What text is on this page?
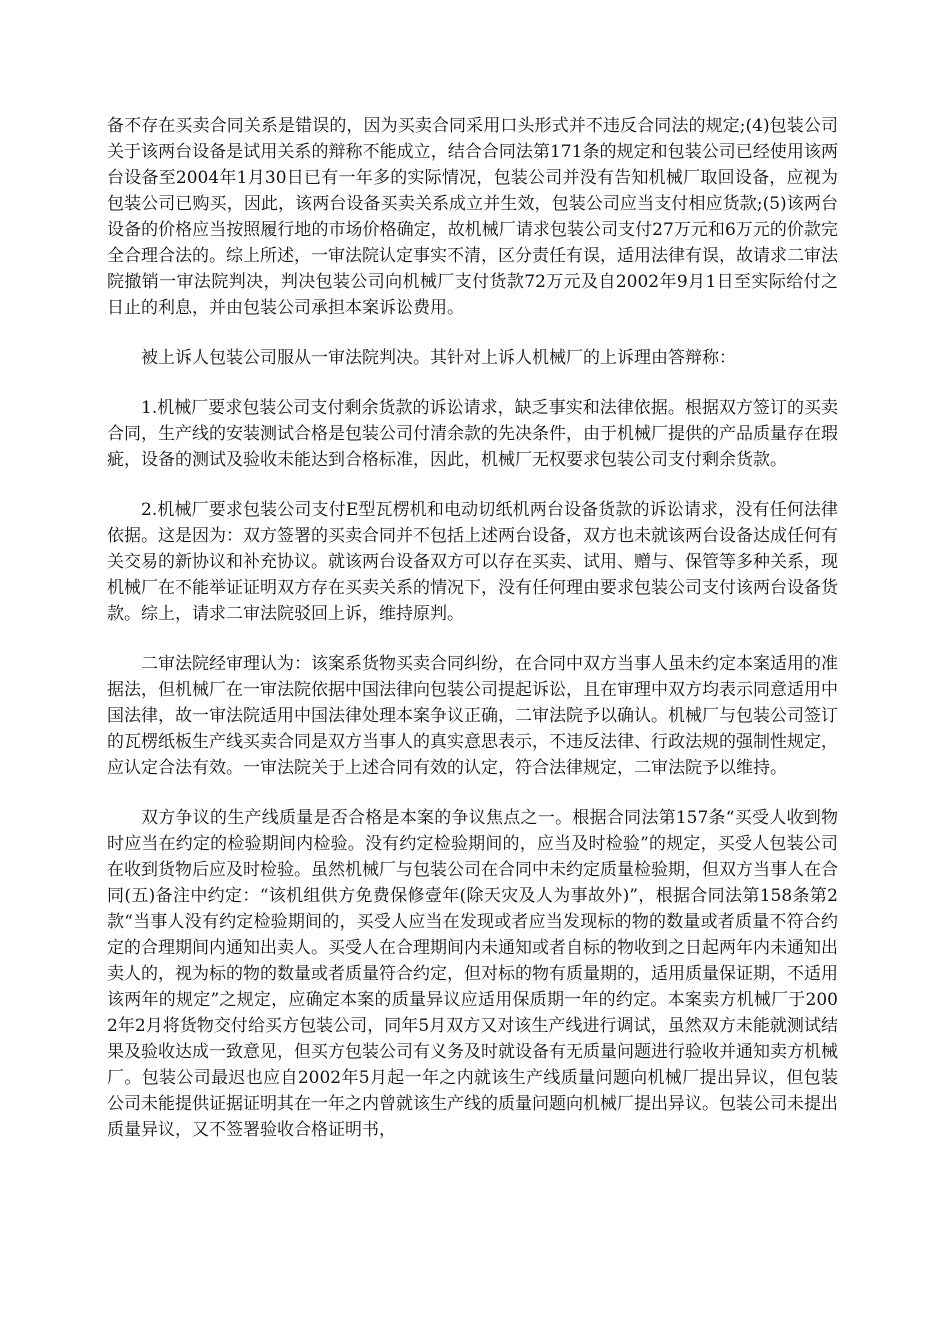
备不存在买卖合同关系是错误的，因为买卖合同采用口头形式并不违反合同法的规定;(4)包装公司关于该两台设备是试用关系的辩称不能成立，结合合同法第171条的规定和包装公司已经使用该两台设备至2004年1月30日已有一年多的实际情况，包装公司并没有告知机械厂取回设备，应视为包装公司已购买，因此，该两台设备买卖关系成立并生效，包装公司应当支付相应货款;(5)该两台设备的价格应当按照履行地的市场价格确定，故机械厂请求包装公司支付27万元和6万元的价款完全合理合法的。综上所述，一审法院认定事实不清，区分责任有误，适用法律有误，故请求二审法院撤销一审法院判决，判决包装公司向机械厂支付货款72万元及自2002年9月1日至实际给付之日止的利息，并由包装公司承担本案诉讼费用。

被上诉人包装公司服从一审法院判决。其针对上诉人机械厂的上诉理由答辩称：

1.机械厂要求包装公司支付剩余货款的诉讼请求，缺乏事实和法律依据。根据双方签订的买卖合同，生产线的安装测试合格是包装公司付清余款的先决条件，由于机械厂提供的产品质量存在瑕疵，设备的测试及验收未能达到合格标准，因此，机械厂无权要求包装公司支付剩余货款。

2.机械厂要求包装公司支付E型瓦楞机和电动切纸机两台设备货款的诉讼请求，没有任何法律依据。这是因为：双方签署的买卖合同并不包括上述两台设备，双方也未就该两台设备达成任何有关交易的新协议和补充协议。就该两台设备双方可以存在买卖、试用、赠与、保管等多种关系，现机械厂在不能举证证明双方存在买卖关系的情况下，没有任何理由要求包装公司支付该两台设备货款。综上，请求二审法院驳回上诉，维持原判。

二审法院经审理认为：该案系货物买卖合同纠纷，在合同中双方当事人虽未约定本案适用的准据法，但机械厂在一审法院依据中国法律向包装公司提起诉讼，且在审理中双方均表示同意适用中国法律，故一审法院适用中国法律处理本案争议正确，二审法院予以确认。机械厂与包装公司签订的瓦楞纸板生产线买卖合同是双方当事人的真实意思表示，不违反法律、行政法规的强制性规定，应认定合法有效。一审法院关于上述合同有效的认定，符合法律规定，二审法院予以维持。

双方争议的生产线质量是否合格是本案的争议焦点之一。根据合同法第157条“买受人收到物时应当在约定的检验期间内检验。没有约定检验期间的，应当及时检验”的规定，买受人包装公司在收到货物后应及时检验。虽然机械厂与包装公司在合同中未约定质量检验期，但双方当事人在合同(五)备注中约定：“该机组供方免费保修壹年(除天灾及人为事故外)”，根据合同法第158条第2款“当事人没有约定检验期间的，买受人应当在发现或者应当发现标的物的数量或者质量不符合约定的合理期间内通知出卖人。买受人在合理期间内未通知或者自标的物收到之日起两年内未通知出卖人的，视为标的物的数量或者质量符合约定，但对标的物有质量期的，适用质量保证期，不适用该两年的规定”之规定，应确定本案的质量异议应适用保质期一年的约定。本案卖方机械厂于2002年2月将货物交付给买方包装公司，同年5月双方又对该生产线进行调试，虽然双方未能就测试结果及验收达成一致意见，但买方包装公司有义务及时就设备有无质量问题进行验收并通知卖方机械厂。包装公司最迟也应自2002年5月起一年之内就该生产线质量问题向机械厂提出异议，但包装公司未能提供证据证明其在一年之内曾就该生产线的质量问题向机械厂提出异议。包装公司未提出质量异议，又不签署验收合格证明书，
